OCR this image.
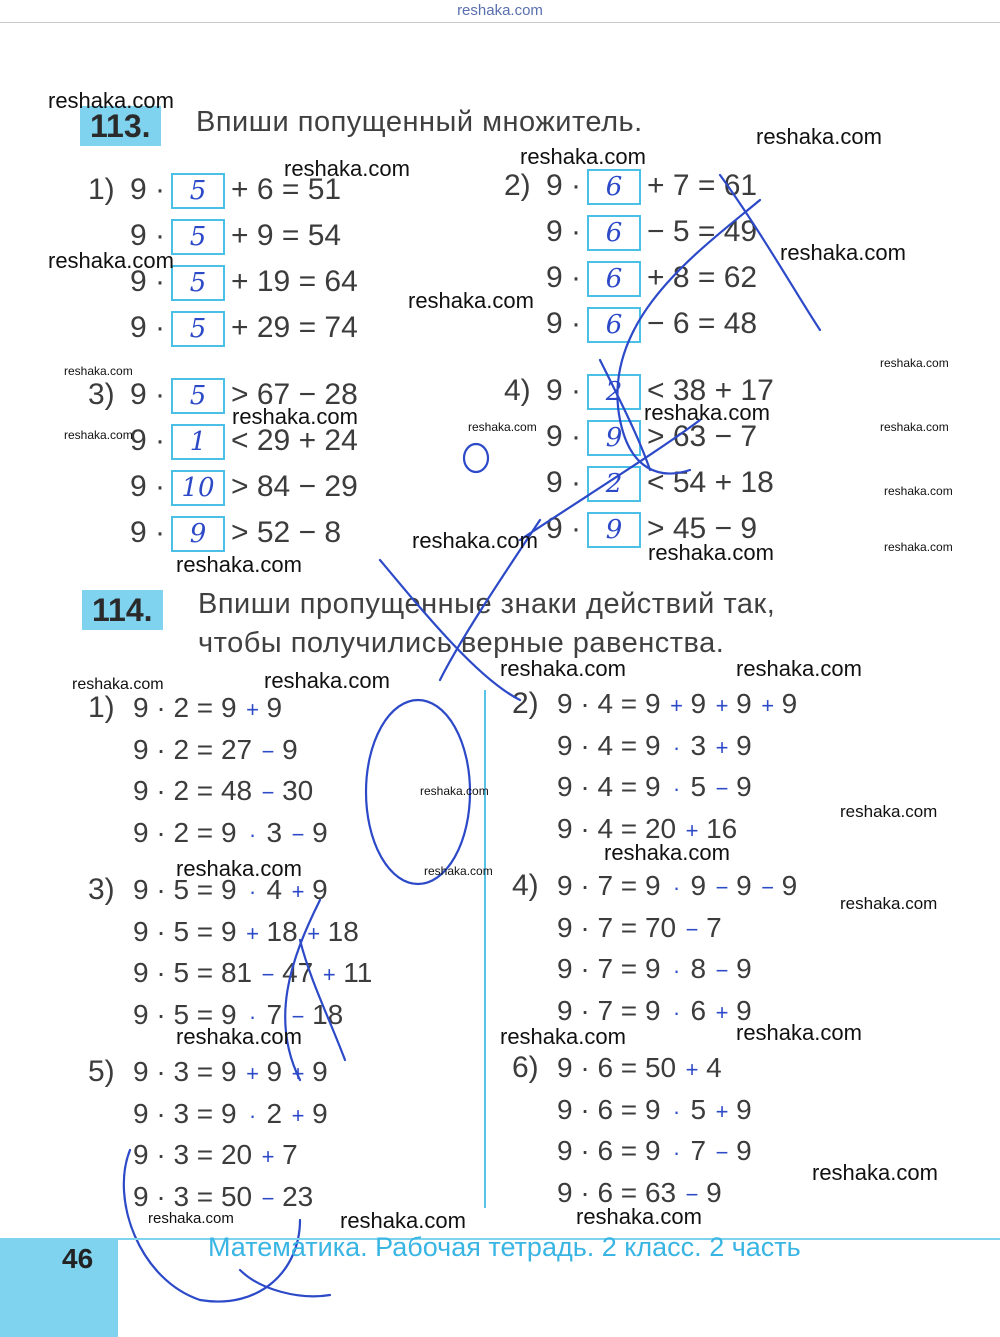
reshaka.com
113.	Впиши попущенный множитель.
1) 9 · 5 + 6 = 51
9 · 5 + 9 = 54
9 · 5 + 19 = 64
9 · 5 + 29 = 74
2) 9 · 6 + 7 = 61
9 · 6 − 5 = 49
9 · 6 + 8 = 62
9 · 6 − 6 = 48
3) 9 · 5 > 67 − 28
9 · 1 < 29 + 24
9 · 10 > 84 − 29
9 · 9 > 52 − 8
4) 9 · 2 < 38 + 17
9 · 9 > 63 − 7
9 · 2 < 54 + 18
9 · 9 > 45 − 9
114.	Впиши пропущенные знаки действий так,
чтобы получились верные равенства.
1) 9 · 2 = 9 + 9
9 · 2 = 27 − 9
9 · 2 = 48 − 30
9 · 2 = 9 · 3 − 9
2) 9 · 4 = 9 + 9 + 9 + 9
9 · 4 = 9 · 3 + 9
9 · 4 = 9 · 5 − 9
9 · 4 = 20 + 16
3) 9 · 5 = 9 · 4 + 9
9 · 5 = 9 + 18 + 18
9 · 5 = 81 − 47 + 11
9 · 5 = 9 · 7 − 18
4) 9 · 7 = 9 · 9 − 9 − 9
9 · 7 = 70 − 7
9 · 7 = 9 · 8 − 9
9 · 7 = 9 · 6 + 9
5) 9 · 3 = 9 + 9 + 9
9 · 3 = 9 · 2 + 9
9 · 3 = 20 + 7
9 · 3 = 50 − 23
6) 9 · 6 = 50 + 4
9 · 6 = 9 · 5 + 9
9 · 6 = 9 · 7 − 9
9 · 6 = 63 − 9
reshaka.com
reshaka.com
reshaka.com	reshaka.com
reshaka.com	reshaka.com
reshaka.com
reshaka.com
reshaka.com
reshaka.com	reshaka.com
reshaka.com
reshaka.com	reshaka.com
reshaka.com
reshaka.com	reshaka.com
reshaka.com
reshaka.com
reshaka.com	reshaka.com
reshaka.com
reshaka.com
reshaka.com
reshaka.com
reshaka.com
reshaka.com	reshaka.com
reshaka.com
reshaka.com
reshaka.com	reshaka.com
reshaka.com
reshaka.com	reshaka.com
reshaka.com
46	Математика. Рабочая тетрадь. 2 класс. 2 часть
